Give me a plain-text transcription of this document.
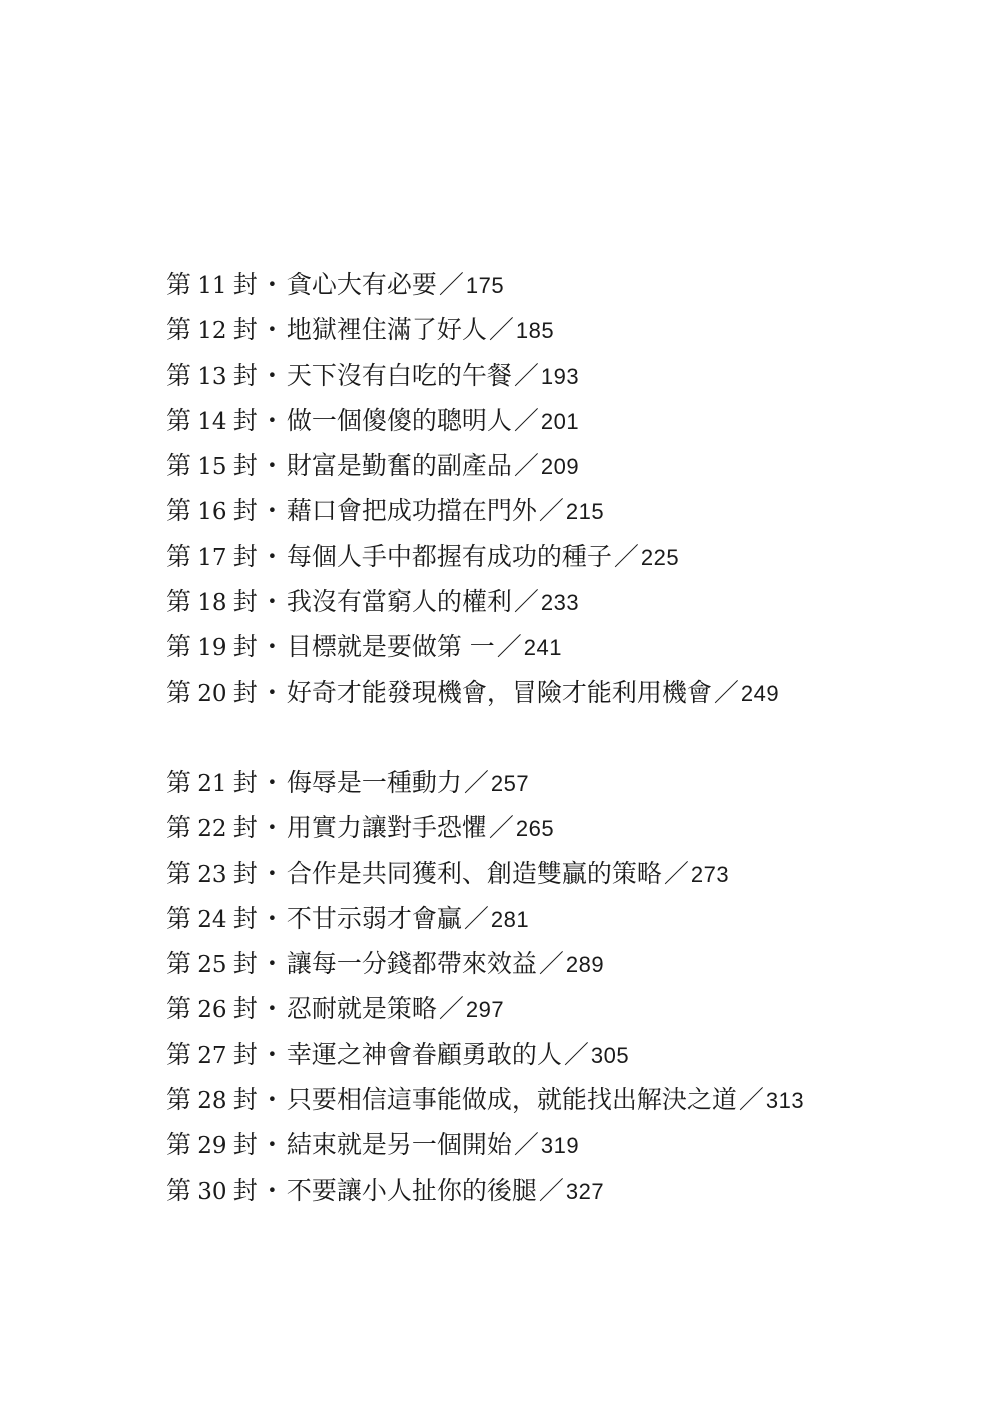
第 11 封・貪心大有必要／175
第 12 封・地獄裡住滿了好人／185
第 13 封・天下沒有白吃的午餐／193
第 14 封・做一個傻傻的聰明人／201
第 15 封・財富是勤奮的副產品／209
第 16 封・藉口會把成功擋在門外／215
第 17 封・每個人手中都握有成功的種子／225
第 18 封・我沒有當窮人的權利／233
第 19 封・目標就是要做第 一／241
第 20 封・好奇才能發現機會，冒險才能利用機會／249
第 21 封・侮辱是一種動力／257
第 22 封・用實力讓對手恐懼／265
第 23 封・合作是共同獲利、創造雙贏的策略／273
第 24 封・不甘示弱才會贏／281
第 25 封・讓每一分錢都帶來效益／289
第 26 封・忍耐就是策略／297
第 27 封・幸運之神會眷顧勇敢的人／305
第 28 封・只要相信這事能做成，就能找出解決之道／313
第 29 封・結束就是另一個開始／319
第 30 封・不要讓小人扯你的後腿／327
